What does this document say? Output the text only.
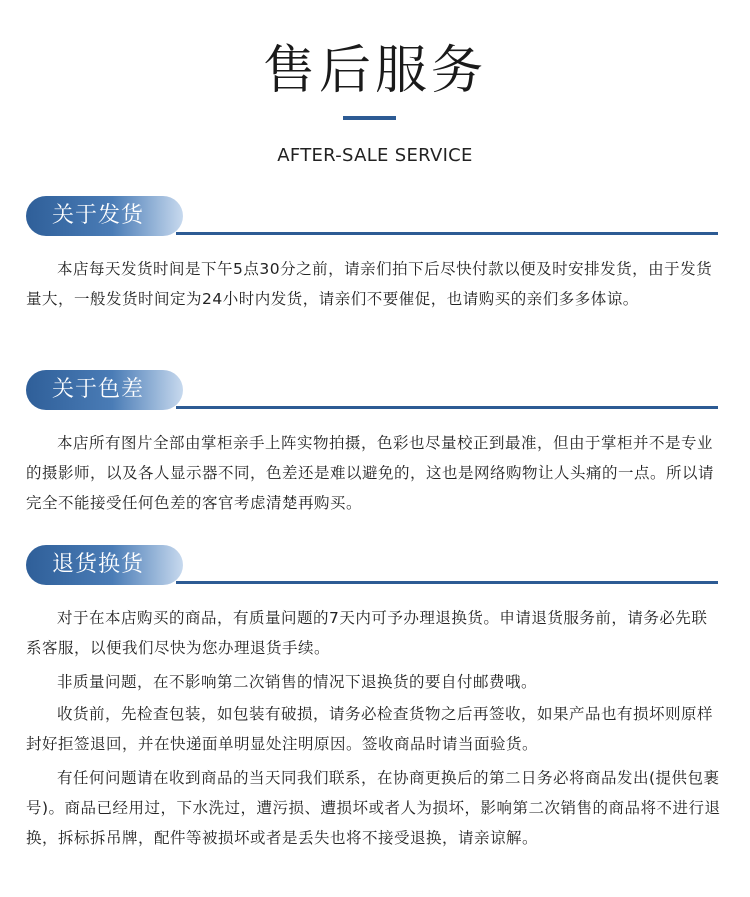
售后服务
AFTER-SALE SERVICE
关于发货

本店每天发货时间是下午5点30分之前，请亲们拍下后尽快付款以便及时安排发货，由于发货量大，一般发货时间定为24小时内发货，请亲们不要催促，也请购买的亲们多多体谅。

关于色差

本店所有图片全部由掌柜亲手上阵实物拍摄，色彩也尽量校正到最准，但由于掌柜并不是专业的摄影师，以及各人显示器不同，色差还是难以避免的，这也是网络购物让人头痛的一点。所以请完全不能接受任何色差的客官考虑清楚再购买。

退货换货

对于在本店购买的商品，有质量问题的7天内可予办理退换货。申请退货服务前，请务必先联系客服，以便我们尽快为您办理退货手续。

非质量问题，在不影响第二次销售的情况下退换货的要自付邮费哦。

收货前，先检查包装，如包装有破损，请务必检查货物之后再签收，如果产品也有损坏则原样封好拒签退回，并在快递面单明显处注明原因。签收商品时请当面验货。

有任何问题请在收到商品的当天同我们联系，在协商更换后的第二日务必将商品发出(提供包裹号)。商品已经用过，下水洗过，遭污损、遭损坏或者人为损坏，影响第二次销售的商品将不进行退换，拆标拆吊牌，配件等被损坏或者是丢失也将不接受退换，请亲谅解。
